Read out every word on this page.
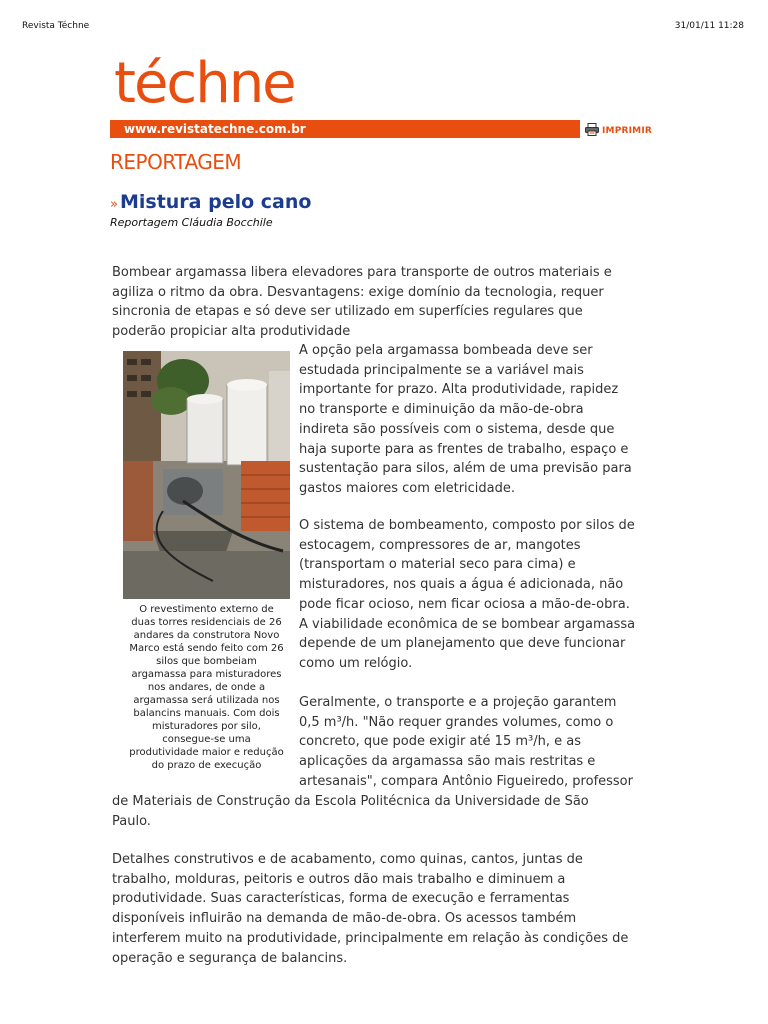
Revista Téchne	31/01/11 11:28
téchne
www.revistatechne.com.br	IMPRIMIR
REPORTAGEM
» Mistura pelo cano
Reportagem Cláudia Bocchile
Bombear argamassa libera elevadores para transporte de outros materiais e
agiliza o ritmo da obra. Desvantagens: exige domínio da tecnologia, requer
sincronia de etapas e só deve ser utilizado em superfícies regulares que
poderão propiciar alta produtividade
O revestimento externo de
duas torres residenciais de 26
andares da construtora Novo
Marco está sendo feito com 26
silos que bombeiam
argamassa para misturadores
nos andares, de onde a
argamassa será utilizada nos
balancins manuais. Com dois
misturadores por silo,
consegue-se uma
produtividade maior e redução
do prazo de execução
A opção pela argamassa bombeada deve ser
estudada principalmente se a variável mais
importante for prazo. Alta produtividade, rapidez
no transporte e diminuição da mão-de-obra
indireta são possíveis com o sistema, desde que
haja suporte para as frentes de trabalho, espaço e
sustentação para silos, além de uma previsão para
gastos maiores com eletricidade.
O sistema de bombeamento, composto por silos de
estocagem, compressores de ar, mangotes
(transportam o material seco para cima) e
misturadores, nos quais a água é adicionada, não
pode ficar ocioso, nem ficar ociosa a mão-de-obra.
A viabilidade econômica de se bombear argamassa
depende de um planejamento que deve funcionar
como um relógio.
Geralmente, o transporte e a projeção garantem
0,5 m³/h. "Não requer grandes volumes, como o
concreto, que pode exigir até 15 m³/h, e as
aplicações da argamassa são mais restritas e
artesanais", compara Antônio Figueiredo, professor
de Materiais de Construção da Escola Politécnica da Universidade de São
Paulo.
Detalhes construtivos e de acabamento, como quinas, cantos, juntas de
trabalho, molduras, peitoris e outros dão mais trabalho e diminuem a
produtividade. Suas características, forma de execução e ferramentas
disponíveis influirão na demanda de mão-de-obra. Os acessos também
interferem muito na produtividade, principalmente em relação às condições de
operação e segurança de balancins.
